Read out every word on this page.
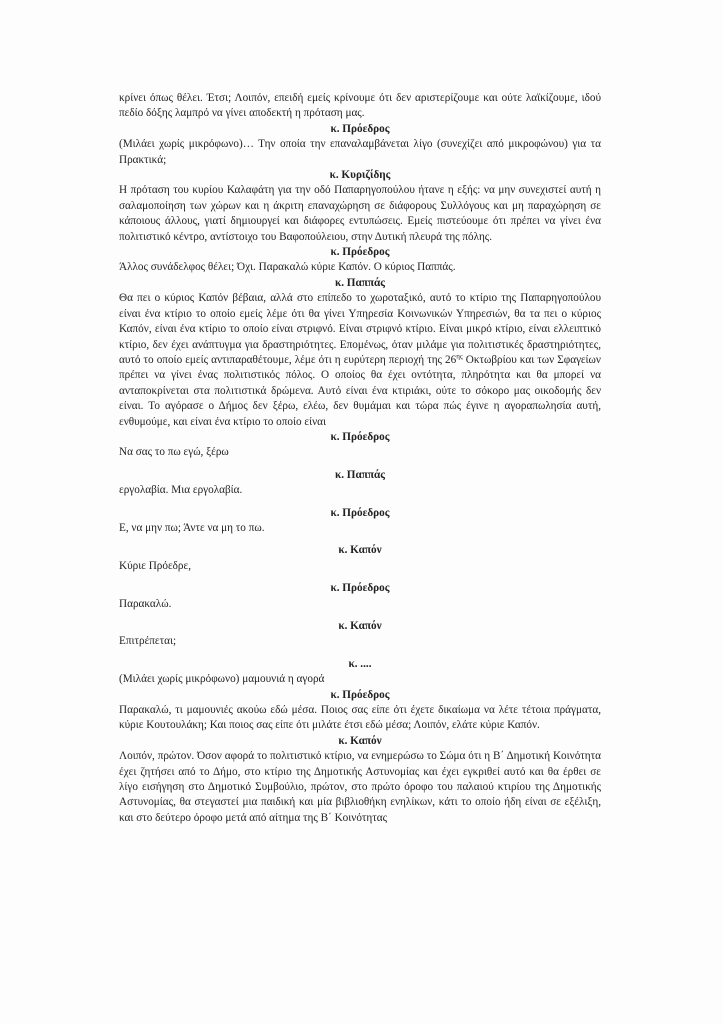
κρίνει όπως θέλει. Έτσι; Λοιπόν, επειδή εμείς κρίνουμε ότι δεν αριστερίζουμε και ούτε λαϊκίζουμε, ιδού πεδίο δόξης λαμπρό να γίνει αποδεκτή η πρόταση μας.

κ. Πρόεδρος

(Μιλάει χωρίς μικρόφωνο)… Την οποία την επαναλαμβάνεται λίγο (συνεχίζει από μικροφώνου) για τα Πρακτικά;

κ. Κυριζίδης

Η πρόταση του κυρίου Καλαφάτη για την οδό Παπαρηγοπούλου ήτανε η εξής: να μην συνεχιστεί αυτή η σαλαμοποίηση των χώρων και η άκριτη επαναχώρηση σε διάφορους Συλλόγους και μη παραχώρηση σε κάποιους άλλους, γιατί δημιουργεί και διάφορες εντυπώσεις. Εμείς πιστεύουμε ότι πρέπει να γίνει ένα πολιτιστικό κέντρο, αντίστοιχο του Βαφοπούλειου, στην Δυτική πλευρά της πόλης.

κ. Πρόεδρος

Άλλος συνάδελφος θέλει; Όχι. Παρακαλώ κύριε Καπόν. Ο κύριος Παππάς.

κ. Παππάς

Θα πει ο κύριος Καπόν βέβαια, αλλά στο επίπεδο το χωροταξικό, αυτό το κτίριο της Παπαρηγοπούλου είναι ένα κτίριο το οποίο εμείς λέμε ότι θα γίνει Υπηρεσία Κοινωνικών Υπηρεσιών, θα τα πει ο κύριος Καπόν, είναι ένα κτίριο το οποίο είναι στριφνό. Είναι στριφνό κτίριο. Είναι μικρό κτίριο, είναι ελλειπτικό κτίριο, δεν έχει ανάπτυγμα για δραστηριότητες. Επομένως, όταν μιλάμε για πολιτιστικές δραστηριότητες, αυτό το οποίο εμείς αντιπαραθέτουμε, λέμε ότι η ευρύτερη περιοχή της $26^{\eta\varsigma}$ Οκτωβρίου και των Σφαγείων πρέπει να γίνει ένας πολιτιστικός πόλος. Ο οποίος θα έχει οντότητα, πληρότητα και θα μπορεί να ανταποκρίνεται στα πολιτιστικά δρώμενα. Αυτό είναι ένα κτιριάκι, ούτε το σόκορο μας οικοδομής δεν είναι. Το αγόρασε ο Δήμος δεν ξέρω, ελέω, δεν θυμάμαι και τώρα πώς έγινε η αγοραπωλησία αυτή, ενθυμούμε, και είναι ένα κτίριο το οποίο είναι

κ. Πρόεδρος

Να σας το πω εγώ, ξέρω

κ. Παππάς

εργολαβία. Μια εργολαβία.

κ. Πρόεδρος

Ε, να μην πω; Άντε να μη το πω.

κ. Καπόν

Κύριε Πρόεδρε,

κ. Πρόεδρος

Παρακαλώ.

κ. Καπόν

Επιτρέπεται;

κ. ....

(Μιλάει χωρίς μικρόφωνο) μαμουνιά η αγορά

κ. Πρόεδρος

Παρακαλώ, τι μαμουνιές ακούω εδώ μέσα. Ποιος σας είπε ότι έχετε δικαίωμα να λέτε τέτοια πράγματα, κύριε Κουτουλάκη; Και ποιος σας είπε ότι μιλάτε έτσι εδώ μέσα; Λοιπόν, ελάτε κύριε Καπόν.

κ. Καπόν

Λοιπόν, πρώτον. Όσον αφορά το πολιτιστικό κτίριο, να ενημερώσω το Σώμα ότι η Β΄ Δημοτική Κοινότητα έχει ζητήσει από το Δήμο, στο κτίριο της Δημοτικής Αστυνομίας και έχει εγκριθεί αυτό και θα έρθει σε λίγο εισήγηση στο Δημοτικό Συμβούλιο, πρώτον, στο πρώτο όροφο του παλαιού κτιρίου της Δημοτικής Αστυνομίας, θα στεγαστεί μια παιδική και μία βιβλιοθήκη ενηλίκων, κάτι το οποίο ήδη είναι σε εξέλιξη, και στο δεύτερο όροφο μετά από αίτημα της Β΄ Κοινότητας
